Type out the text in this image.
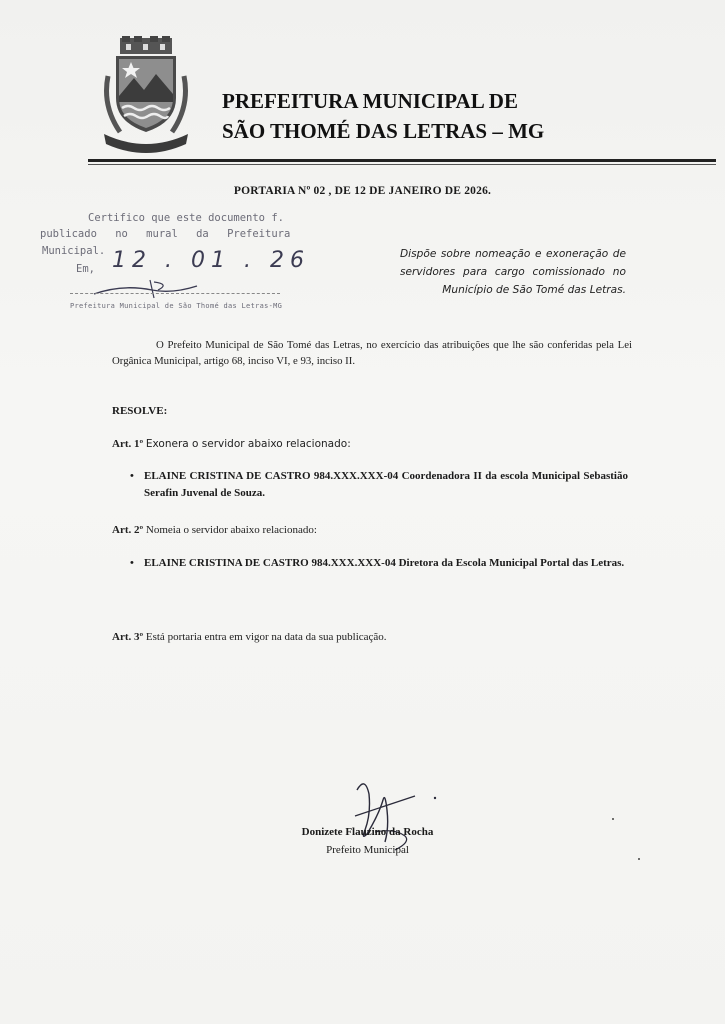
PREFEITURA MUNICIPAL DE
SÃO THOMÉ DAS LETRAS – MG
PORTARIA Nº 02 , DE 12 DE JANEIRO DE 2026.
Certifico que este documento f.
publicado no mural da Prefeitura
Municipal.
Em, 12 . 01 . 26
Prefeitura Municipal de São Thomé das Letras-MG
Dispõe sobre nomeação e exoneração de servidores para cargo comissionado no Município de São Tomé das Letras.
O Prefeito Municipal de São Tomé das Letras, no exercício das atribuições que lhe são conferidas pela Lei Orgânica Municipal, artigo 68, inciso VI, e 93, inciso II.
RESOLVE:
Art. 1º Exonera o servidor abaixo relacionado:
• ELAINE CRISTINA DE CASTRO 984.XXX.XXX-04 Coordenadora II da escola Municipal Sebastião Serafin Juvenal de Souza.
Art. 2º Nomeia o servidor abaixo relacionado:
• ELAINE CRISTINA DE CASTRO 984.XXX.XXX-04 Diretora da Escola Municipal Portal das Letras.
Art. 3º Está portaria entra em vigor na data da sua publicação.
Donizete Flauzino da Rocha
Prefeito Municipal
